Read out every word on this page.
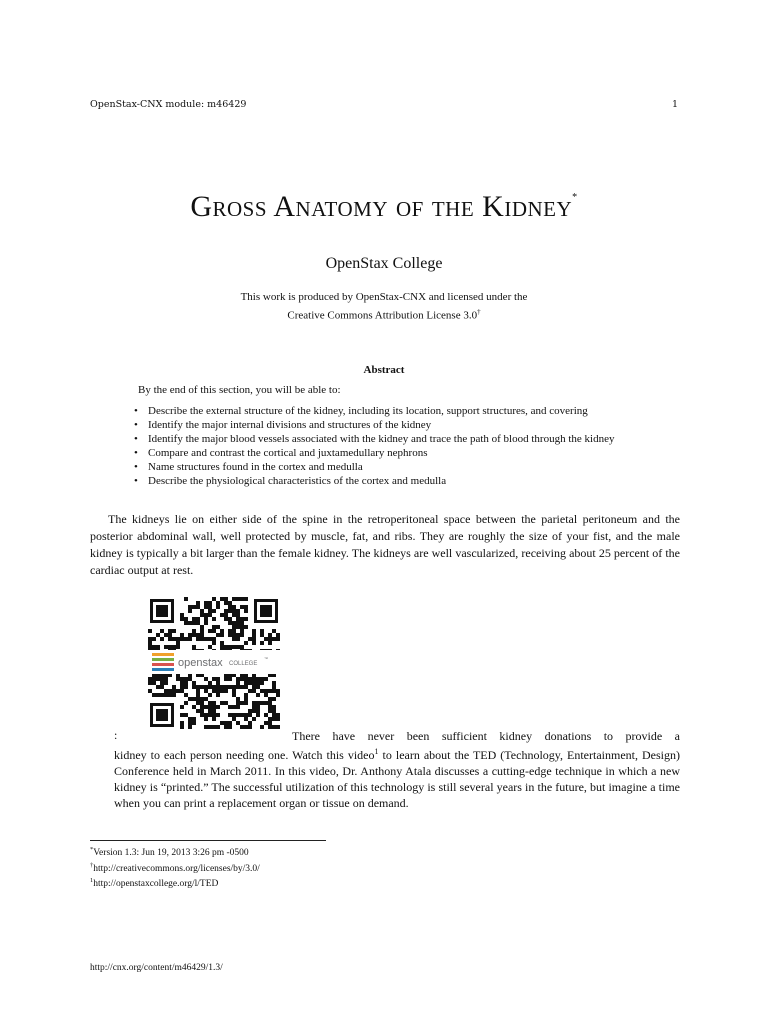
OpenStax-CNX module: m46429	1
Gross Anatomy of the Kidney*
OpenStax College
This work is produced by OpenStax-CNX and licensed under the
Creative Commons Attribution License 3.0†
Abstract
By the end of this section, you will be able to:
• Describe the external structure of the kidney, including its location, support structures, and covering
• Identify the major internal divisions and structures of the kidney
• Identify the major blood vessels associated with the kidney and trace the path of blood through the kidney
• Compare and contrast the cortical and juxtamedullary nephrons
• Name structures found in the cortex and medulla
• Describe the physiological characteristics of the cortex and medulla

The kidneys lie on either side of the spine in the retroperitoneal space between the parietal peritoneum and the posterior abdominal wall, well protected by muscle, fat, and ribs. They are roughly the size of your fist, and the male kidney is typically a bit larger than the female kidney. The kidneys are well vascularized, receiving about 25 percent of the cardiac output at rest.

openstax COLLEGE
™
:	There have never been sufficient kidney donations to provide a

kidney to each person needing one. Watch this video$^1$ to learn about the TED (Technology, Entertainment, Design) Conference held in March 2011. In this video, Dr. Anthony Atala discusses a cutting-edge technique in which a new kidney is “printed.” The successful utilization of this technology is still several years in the future, but imagine a time when you can print a replacement organ or tissue on demand.

*Version 1.3: Jun 19, 2013 3:26 pm -0500
†http://creativecommons.org/licenses/by/3.0/
$^1$http://openstaxcollege.org/l/TED
http://cnx.org/content/m46429/1.3/
